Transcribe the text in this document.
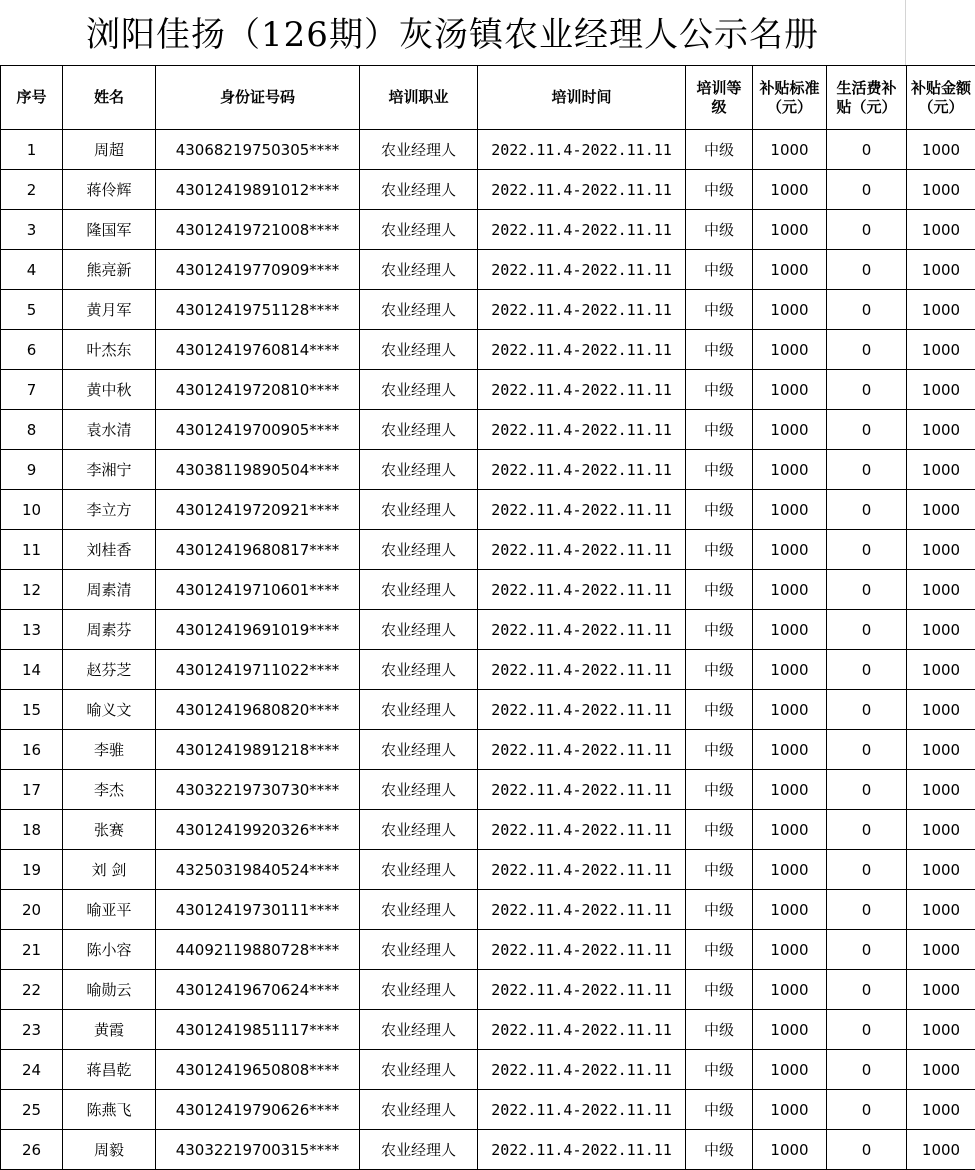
浏阳佳扬（126期）灰汤镇农业经理人公示名册
序号	姓名	身份证号码	培训职业	培训时间	培训等级	补贴标准（元）	生活费补贴（元）	补贴金额（元）
1	周超	43068219750305****	农业经理人	2022.11.4-2022.11.11	中级	1000	0	1000
2	蒋伶辉	43012419891012****	农业经理人	2022.11.4-2022.11.11	中级	1000	0	1000
3	隆国军	43012419721008****	农业经理人	2022.11.4-2022.11.11	中级	1000	0	1000
4	熊亮新	43012419770909****	农业经理人	2022.11.4-2022.11.11	中级	1000	0	1000
5	黄月军	43012419751128****	农业经理人	2022.11.4-2022.11.11	中级	1000	0	1000
6	叶杰东	43012419760814****	农业经理人	2022.11.4-2022.11.11	中级	1000	0	1000
7	黄中秋	43012419720810****	农业经理人	2022.11.4-2022.11.11	中级	1000	0	1000
8	袁水清	43012419700905****	农业经理人	2022.11.4-2022.11.11	中级	1000	0	1000
9	李湘宁	43038119890504****	农业经理人	2022.11.4-2022.11.11	中级	1000	0	1000
10	李立方	43012419720921****	农业经理人	2022.11.4-2022.11.11	中级	1000	0	1000
11	刘桂香	43012419680817****	农业经理人	2022.11.4-2022.11.11	中级	1000	0	1000
12	周素清	43012419710601****	农业经理人	2022.11.4-2022.11.11	中级	1000	0	1000
13	周素芬	43012419691019****	农业经理人	2022.11.4-2022.11.11	中级	1000	0	1000
14	赵芬芝	43012419711022****	农业经理人	2022.11.4-2022.11.11	中级	1000	0	1000
15	喻义文	43012419680820****	农业经理人	2022.11.4-2022.11.11	中级	1000	0	1000
16	李骓	43012419891218****	农业经理人	2022.11.4-2022.11.11	中级	1000	0	1000
17	李杰	43032219730730****	农业经理人	2022.11.4-2022.11.11	中级	1000	0	1000
18	张赛	43012419920326****	农业经理人	2022.11.4-2022.11.11	中级	1000	0	1000
19	刘 剑	43250319840524****	农业经理人	2022.11.4-2022.11.11	中级	1000	0	1000
20	喻亚平	43012419730111****	农业经理人	2022.11.4-2022.11.11	中级	1000	0	1000
21	陈小容	44092119880728****	农业经理人	2022.11.4-2022.11.11	中级	1000	0	1000
22	喻勋云	43012419670624****	农业经理人	2022.11.4-2022.11.11	中级	1000	0	1000
23	黄霞	43012419851117****	农业经理人	2022.11.4-2022.11.11	中级	1000	0	1000
24	蒋昌乾	43012419650808****	农业经理人	2022.11.4-2022.11.11	中级	1000	0	1000
25	陈燕飞	43012419790626****	农业经理人	2022.11.4-2022.11.11	中级	1000	0	1000
26	周毅	43032219700315****	农业经理人	2022.11.4-2022.11.11	中级	1000	0	1000
